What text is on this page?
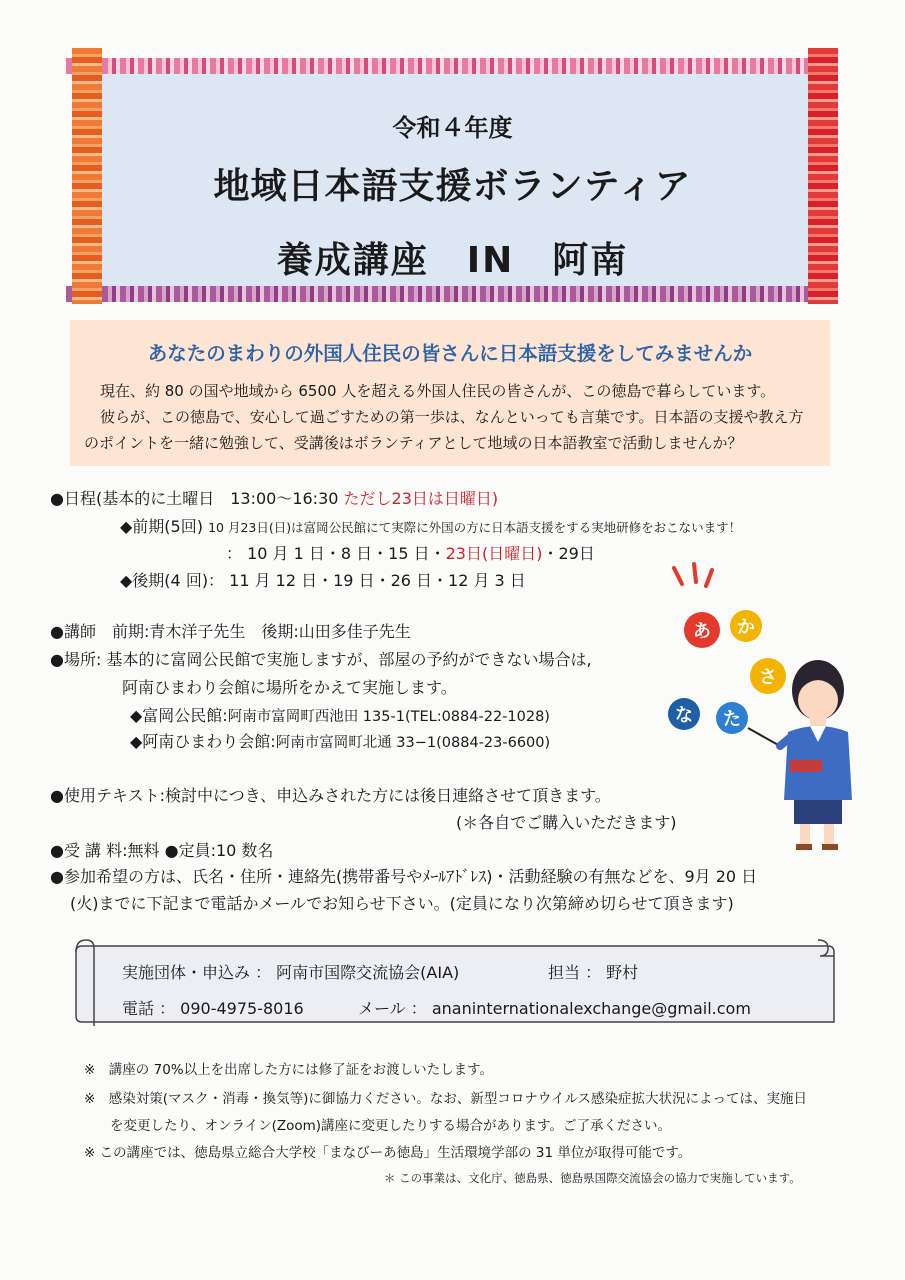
令和４年度
地域日本語支援ボランティア
養成講座　IN　阿南
あなたのまわりの外国人住民の皆さんに日本語支援をしてみませんか
現在、約 80 の国や地域から 6500 人を超える外国人住民の皆さんが、この徳島で暮らしています。
彼らが、この徳島で、安心して過ごすための第一歩は、なんといっても言葉です。日本語の支援や教え方
のポイントを一緒に勉強して、受講後はボランティアとして地域の日本語教室で活動しませんか？
●日程(基本的に土曜日　13:00～16:30 ただし23日は日曜日)
◆前期(5回) 10 月23日(日)は富岡公民館にて実際に外国の方に日本語支援をする実地研修をおこないます！
： 10 月 1 日・8 日・15 日・23日(日曜日)・29日
◆後期(4 回)： 11 月 12 日・19 日・26 日・12 月 3 日
●講師　前期:青木洋子先生　後期:山田多佳子先生
●場所: 基本的に富岡公民館で実施しますが、部屋の予約ができない場合は,
阿南ひまわり会館に場所をかえて実施します。
◆富岡公民館:阿南市富岡町西池田 135-1(TEL:0884-22-1028)
◆阿南ひまわり会館:阿南市富岡町北通 33−1(0884-23-6600)
●使用テキスト:検討中につき、申込みされた方には後日連絡させて頂きます。
(＊各自でご購入いただきます)
●受 講 料:無料 ●定員:10 数名
●参加希望の方は、氏名・住所・連絡先(携帯番号やﾒｰﾙｱﾄﾞﾚｽ)・活動経験の有無などを、9月 20 日
(火)までに下記まで電話かメールでお知らせ下さい。(定員になり次第締め切らせて頂きます)
あ	か
さ
な	た
実施団体・申込み ： 阿南市国際交流協会(AIA)	担当 ： 野村
電話 ： 090-4975-8016	メール ： ananinternationalexchange@gmail.com
※　講座の 70%以上を出席した方には修了証をお渡しいたします。
※　感染対策(マスク・消毒・換気等)に御協力ください。なお、新型コロナウイルス感染症拡大状況によっては、実施日
を変更したり、オンライン(Zoom)講座に変更したりする場合があります。ご了承ください。
※ この講座では、徳島県立総合大学校「まなびーあ徳島」生活環境学部の 31 単位が取得可能です。
＊ この事業は、文化庁、徳島県、徳島県国際交流協会の協力で実施しています。
